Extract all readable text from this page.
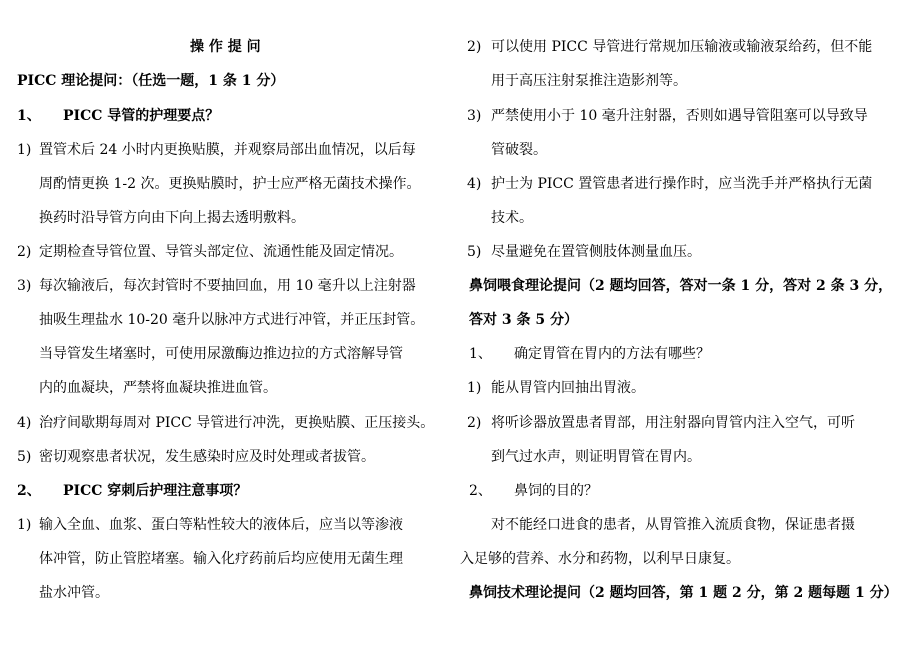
操 作 提 问
PICC 理论提问：（任选一题，1 条 1 分）
1、 PICC 导管的护理要点？
1) 置管术后 24 小时内更换贴膜，并观察局部出血情况，以后每
周酌情更换 1-2 次。更换贴膜时，护士应严格无菌技术操作。
换药时沿导管方向由下向上揭去透明敷料。
2) 定期检查导管位置、导管头部定位、流通性能及固定情况。
3) 每次输液后，每次封管时不要抽回血，用 10 毫升以上注射器
抽吸生理盐水 10-20 毫升以脉冲方式进行冲管，并正压封管。
当导管发生堵塞时，可使用尿激酶边推边拉的方式溶解导管
内的血凝块，严禁将血凝块推进血管。
4) 治疗间歇期每周对 PICC 导管进行冲洗，更换贴膜、正压接头。
5) 密切观察患者状况，发生感染时应及时处理或者拔管。
2、 PICC 穿刺后护理注意事项？
1) 输入全血、血浆、蛋白等粘性较大的液体后，应当以等渗液
体冲管，防止管腔堵塞。输入化疗药前后均应使用无菌生理
盐水冲管。
2) 可以使用 PICC 导管进行常规加压输液或输液泵给药，但不能
用于高压注射泵推注造影剂等。
3) 严禁使用小于 10 毫升注射器，否则如遇导管阻塞可以导致导
管破裂。
4) 护士为 PICC 置管患者进行操作时，应当洗手并严格执行无菌
技术。
5) 尽量避免在置管侧肢体测量血压。
鼻饲喂食理论提问（2 题均回答，答对一条 1 分，答对 2 条 3 分，
答对 3 条 5 分）
1、 确定胃管在胃内的方法有哪些？
1) 能从胃管内回抽出胃液。
2) 将听诊器放置患者胃部，用注射器向胃管内注入空气，可听
到气过水声，则证明胃管在胃内。
2、 鼻饲的目的？
对不能经口进食的患者，从胃管推入流质食物，保证患者摄
入足够的营养、水分和药物，以利早日康复。
鼻饲技术理论提问（2 题均回答，第 1 题 2 分，第 2 题每题 1 分）
